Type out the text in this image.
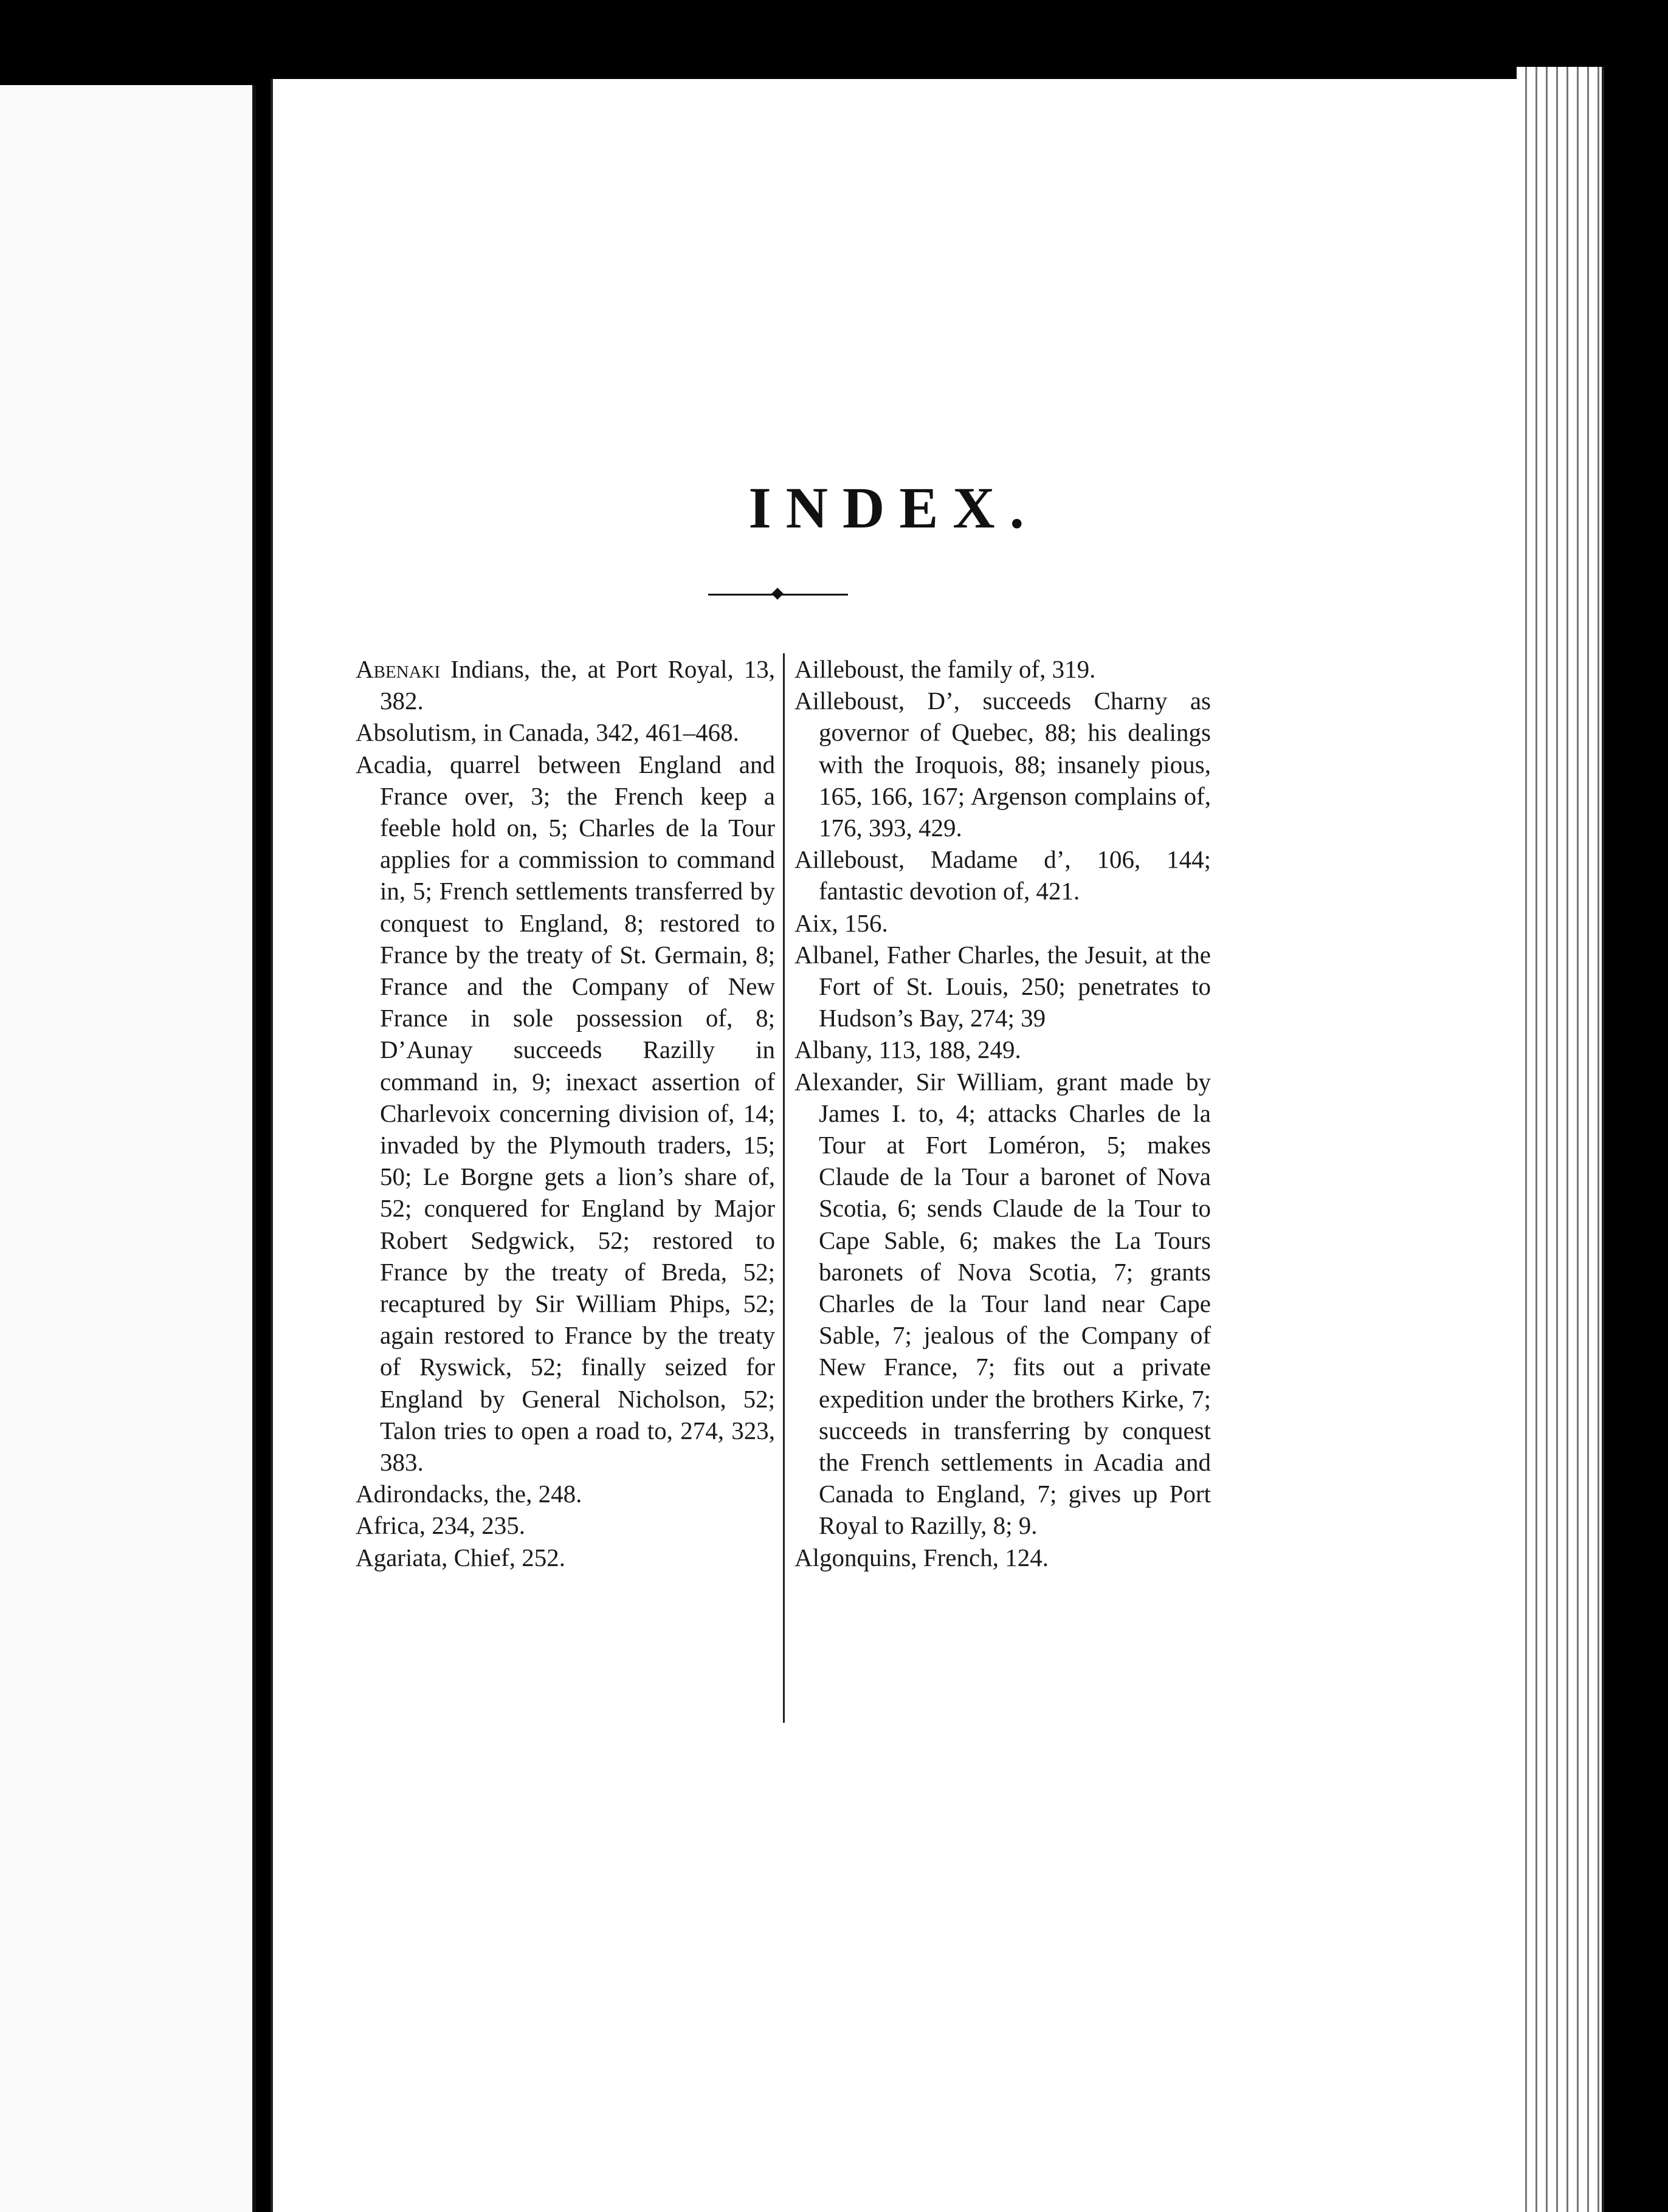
INDEX.

Abenaki Indians, the, at Port Royal, 13, 382.

Absolutism, in Canada, 342, 461–468.

Acadia, quarrel between England and France over, 3; the French keep a feeble hold on, 5; Charles de la Tour applies for a commission to command in, 5; French settlements transferred by conquest to England, 8; restored to France by the treaty of St. Germain, 8; France and the Company of New France in sole possession of, 8; D’Aunay succeeds Razilly in command in, 9; inexact assertion of Charlevoix concerning division of, 14; invaded by the Plymouth traders, 15; 50; Le Borgne gets a lion’s share of, 52; conquered for England by Major Robert Sedgwick, 52; restored to France by the treaty of Breda, 52; recaptured by Sir William Phips, 52; again restored to France by the treaty of Ryswick, 52; finally seized for England by General Nicholson, 52; Talon tries to open a road to, 274, 323, 383.

Adirondacks, the, 248.

Africa, 234, 235.

Agariata, Chief, 252.

Ailleboust, the family of, 319.

Ailleboust, D’, succeeds Charny as governor of Quebec, 88; his dealings with the Iroquois, 88; insanely pious, 165, 166, 167; Argenson complains of, 176, 393, 429.

Ailleboust, Madame d’, 106, 144; fantastic devotion of, 421.

Aix, 156.

Albanel, Father Charles, the Jesuit, at the Fort of St. Louis, 250; penetrates to Hudson’s Bay, 274; 39

Albany, 113, 188, 249.

Alexander, Sir William, grant made by James I. to, 4; attacks Charles de la Tour at Fort Loméron, 5; makes Claude de la Tour a baronet of Nova Scotia, 6; sends Claude de la Tour to Cape Sable, 6; makes the La Tours baronets of Nova Scotia, 7; grants Charles de la Tour land near Cape Sable, 7; jealous of the Company of New France, 7; fits out a private expedition under the brothers Kirke, 7; succeeds in transferring by conquest the French settlements in Acadia and Canada to England, 7; gives up Port Royal to Razilly, 8; 9.

Algonquins, French, 124.
